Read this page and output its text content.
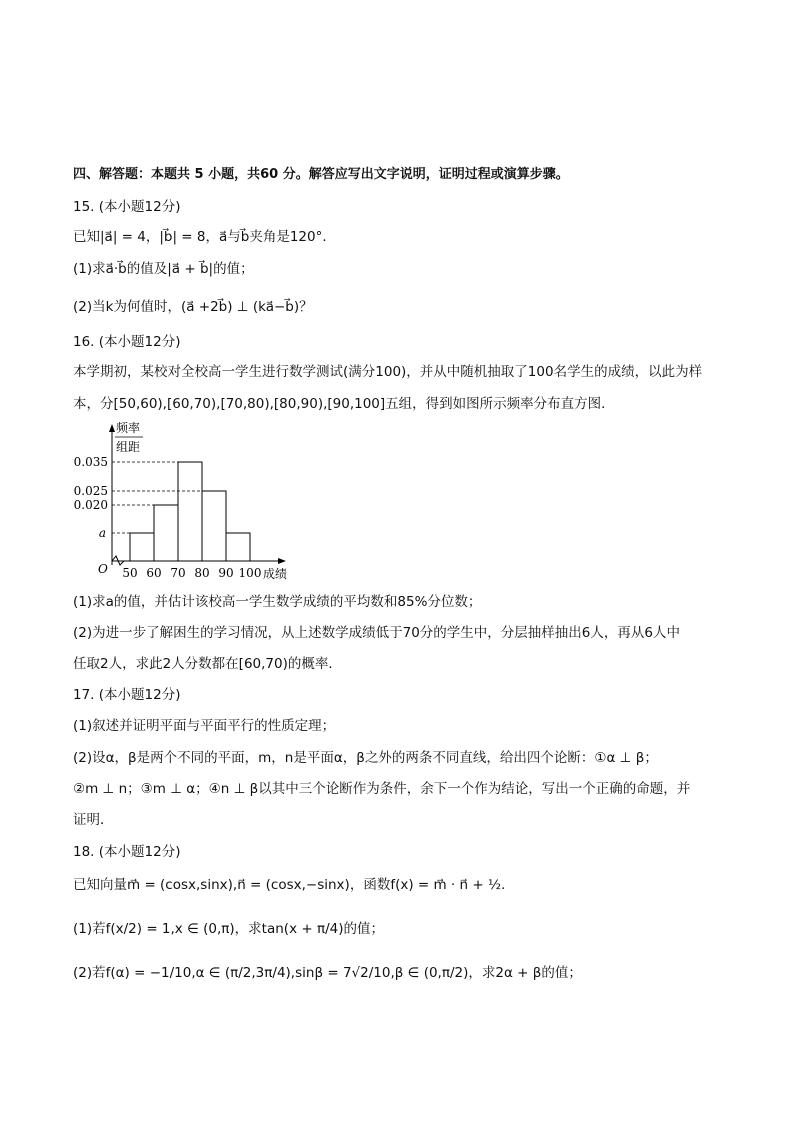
四、解答题：本题共 5 小题，共60 分。解答应写出文字说明，证明过程或演算步骤。
15. (本小题12分)
已知|a⃗| = 4，|b⃗| = 8，a⃗与b⃗夹角是120°．
(1)求a⃗·b⃗的值及|a⃗ + b⃗|的值；
(2)当k为何值时，(a⃗ +2b⃗) ⊥ (ka⃗−b⃗)？
16. (本小题12分)
本学期初，某校对全校高一学生进行数学测试(满分100)，并从中随机抽取了100名学生的成绩，以此为样
本，分[50,60),[60,70),[70,80),[80,90),[90,100]五组，得到如图所示频率分布直方图．
频率
组距
0.035
0.025
0.020
a
O 50 60 70 80 90 100 成绩
(1)求a的值，并估计该校高一学生数学成绩的平均数和85%分位数；
(2)为进一步了解困生的学习情况，从上述数学成绩低于70分的学生中，分层抽样抽出6人，再从6人中
任取2人，求此2人分数都在[60,70)的概率．
17. (本小题12分)
(1)叙述并证明平面与平面平行的性质定理；
(2)设α，β是两个不同的平面，m，n是平面α，β之外的两条不同直线，给出四个论断：①α ⊥ β；
②m ⊥ n；③m ⊥ α；④n ⊥ β以其中三个论断作为条件，余下一个作为结论，写出一个正确的命题，并
证明．
18. (本小题12分)
已知向量m⃗ = (cosx,sinx),n⃗ = (cosx,−sinx)，函数f(x) = m⃗ · n⃗ + ½.
(1)若f(x/2) = 1,x ∈ (0,π)，求tan(x + π/4)的值；
(2)若f(α) = −1/10,α ∈ (π/2,3π/4),sinβ = 7√2/10,β ∈ (0,π/2)，求2α + β的值；
